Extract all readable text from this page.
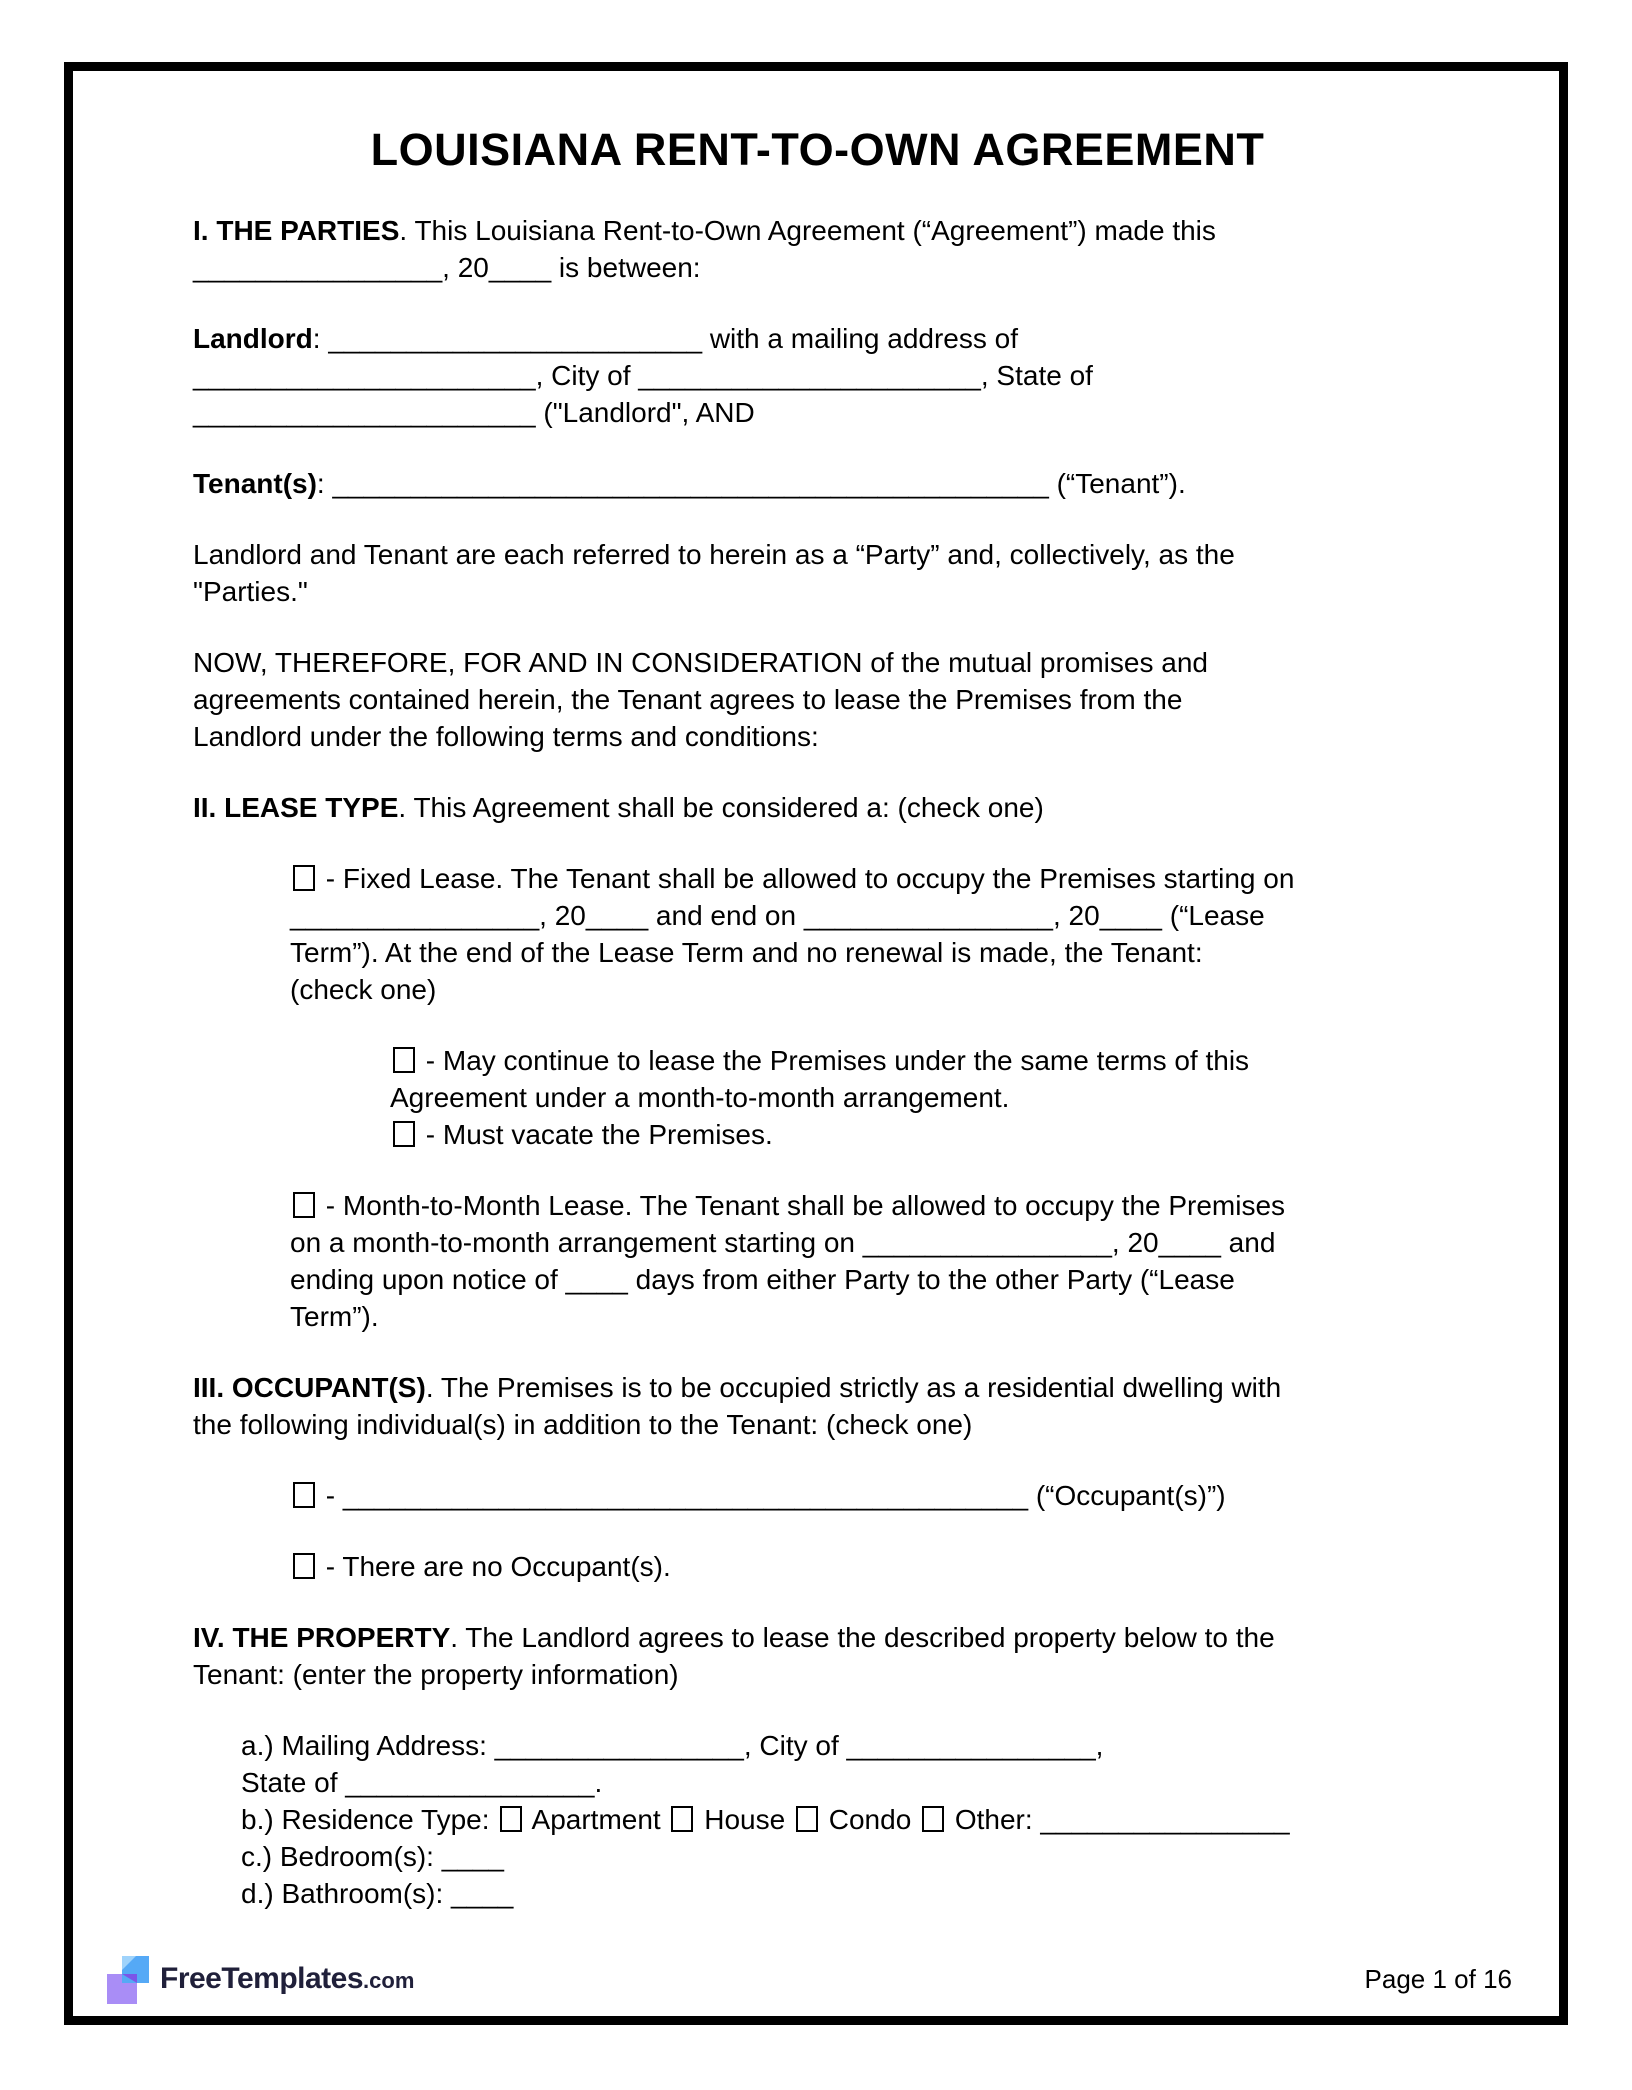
LOUISIANA RENT-TO-OWN AGREEMENT
I. THE PARTIES. This Louisiana Rent-to-Own Agreement (“Agreement”) made this
________________, 20____ is between:
Landlord: ________________________ with a mailing address of
______________________, City of ______________________, State of
______________________ ("Landlord", AND
Tenant(s): ______________________________________________ (“Tenant”).
Landlord and Tenant are each referred to herein as a “Party” and, collectively, as the
"Parties."
NOW, THEREFORE, FOR AND IN CONSIDERATION of the mutual promises and
agreements contained herein, the Tenant agrees to lease the Premises from the
Landlord under the following terms and conditions:
II. LEASE TYPE. This Agreement shall be considered a: (check one)
- Fixed Lease. The Tenant shall be allowed to occupy the Premises starting on
________________, 20____ and end on ________________, 20____ (“Lease
Term”). At the end of the Lease Term and no renewal is made, the Tenant:
(check one)
- May continue to lease the Premises under the same terms of this
Agreement under a month-to-month arrangement.
- Must vacate the Premises.
- Month-to-Month Lease. The Tenant shall be allowed to occupy the Premises
on a month-to-month arrangement starting on ________________, 20____ and
ending upon notice of ____ days from either Party to the other Party (“Lease
Term”).
III. OCCUPANT(S). The Premises is to be occupied strictly as a residential dwelling with
the following individual(s) in addition to the Tenant: (check one)
- ____________________________________________ (“Occupant(s)”)
- There are no Occupant(s).
IV. THE PROPERTY. The Landlord agrees to lease the described property below to the
Tenant: (enter the property information)
a.) Mailing Address: ________________, City of ________________,
State of ________________.
b.) Residence Type:  Apartment  House  Condo  Other: ________________
c.) Bedroom(s): ____
d.) Bathroom(s): ____
FreeTemplates.com	Page 1 of 16
